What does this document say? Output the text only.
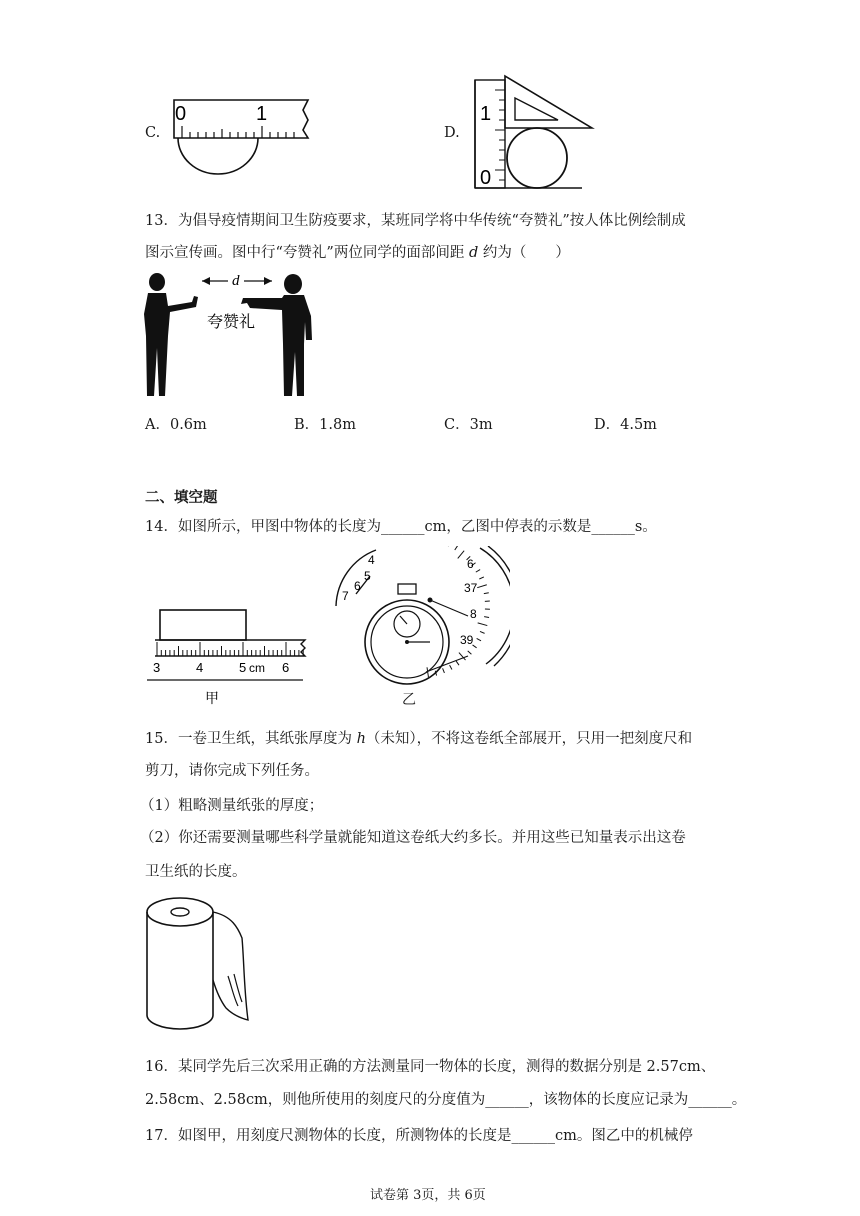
C.
0	1
D.
1
0
13．为倡导疫情期间卫生防疫要求，某班同学将中华传统“夸赞礼”按人体比例绘制成
图示宣传画。图中行“夸赞礼”两位同学的面部间距 d 约为（　　）
d
夸赞礼
A．0.6m	B．1.8m	C．3m	D．4.5m
二、填空题
14．如图所示，甲图中物体的长度为______cm，乙图中停表的示数是______s。
3	4	5 cm 6
甲
4
5
6
7
6
37
8
39
乙
15．一卷卫生纸，其纸张厚度为 h（未知），不将这卷纸全部展开，只用一把刻度尺和
剪刀，请你完成下列任务。
（1）粗略测量纸张的厚度；
（2）你还需要测量哪些科学量就能知道这卷纸大约多长。并用这些已知量表示出这卷
卫生纸的长度。
16．某同学先后三次采用正确的方法测量同一物体的长度，测得的数据分别是 2.57cm、
2.58cm、2.58cm，则他所使用的刻度尺的分度值为______，该物体的长度应记录为______。
17．如图甲，用刻度尺测物体的长度，所测物体的长度是______cm。图乙中的机械停
试卷第 3页，共 6页
